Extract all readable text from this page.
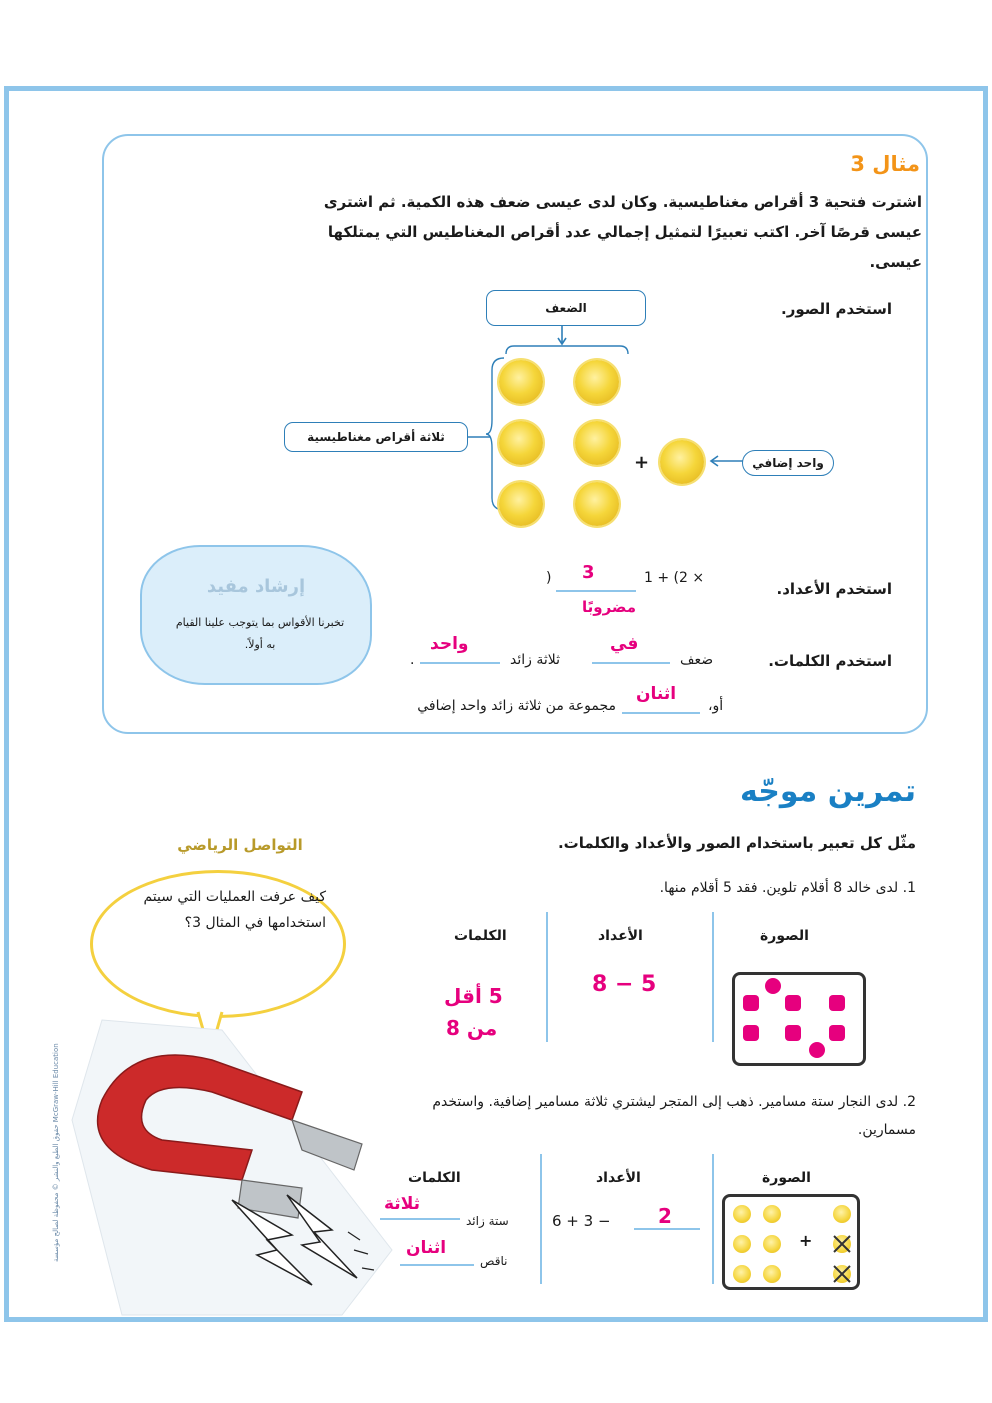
مثال 3
اشترت فتحية 3 أقراص مغناطيسية. وكان لدى عيسى ضعف هذه الكمية. ثم اشترى عيسى قرصًا آخر. اكتب تعبيرًا لتمثيل إجمالي عدد أقراص المغناطيس التي يمتلكها عيسى.
استخدم الصور.
الضعف
ثلاثة أقراص مغناطيسية
+	واحد إضافي
إرشاد مفيد
تخبرنا الأقواس بما يتوجب علينا القيام به أولاً.
استخدم الأعداد.
1 + (2 ×
3
)
مضروبًا
استخدم الكلمات.
ضعف
في
ثلاثة زائد
واحد
.
أو،
اثنان
مجموعة من ثلاثة زائد واحد إضافي
تمرين موجّه
مثّل كل تعبير باستخدام الصور والأعداد والكلمات.
1. لدى خالد 8 أقلام تلوين. فقد 5 أقلام منها.
الصورة
الأعداد
الكلمات
8 − 5
5 أقل
من 8
2. لدى النجار ستة مسامير. ذهب إلى المتجر ليشتري ثلاثة مسامير إضافية. واستخدم مسمارين.
الصورة
الأعداد
الكلمات
+
6 + 3 − 2
ستة زائد
ثلاثة
ناقص
اثنان
التواصل الرياضي
كيف عرفت العمليات التي سيتم استخدامها في المثال 3؟
حقوق الطبع والنشر © محفوظة لصالح مؤسسة McGraw-Hill Education
